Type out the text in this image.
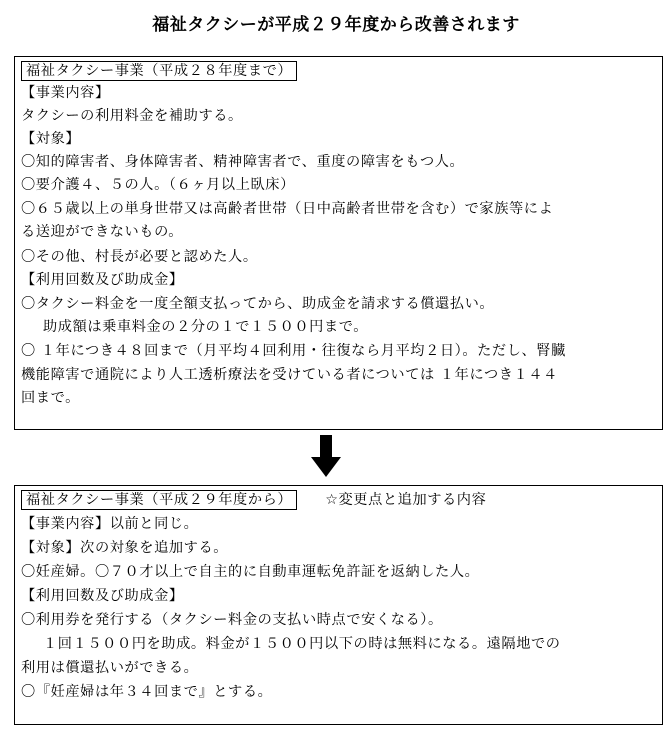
福祉タクシーが平成２９年度から改善されます
福祉タクシー事業（平成２８年度まで）
【事業内容】
タクシーの利用料金を補助する。
【対象】
〇知的障害者、身体障害者、精神障害者で、重度の障害をもつ人。
〇要介護４、５の人。（６ヶ月以上臥床）
〇６５歳以上の単身世帯又は高齢者世帯（日中高齢者世帯を含む）で家族等によ
る送迎ができないもの。
〇その他、村長が必要と認めた人。
【利用回数及び助成金】
〇タクシー料金を一度全額支払ってから、助成金を請求する償還払い。
助成額は乗車料金の２分の１で１５００円まで。
〇 １年につき４８回まで（月平均４回利用・往復なら月平均２日）。ただし、腎臓
機能障害で通院により人工透析療法を受けている者については １年につき１４４
回まで。
福祉タクシー事業（平成２９年度から） ☆変更点と追加する内容
【事業内容】以前と同じ。
【対象】次の対象を追加する。
〇妊産婦。〇７０才以上で自主的に自動車運転免許証を返納した人。
【利用回数及び助成金】
〇利用券を発行する（タクシー料金の支払い時点で安くなる）。
１回１５００円を助成。料金が１５００円以下の時は無料になる。遠隔地での
利用は償還払いができる。
〇『妊産婦は年３４回まで』とする。
